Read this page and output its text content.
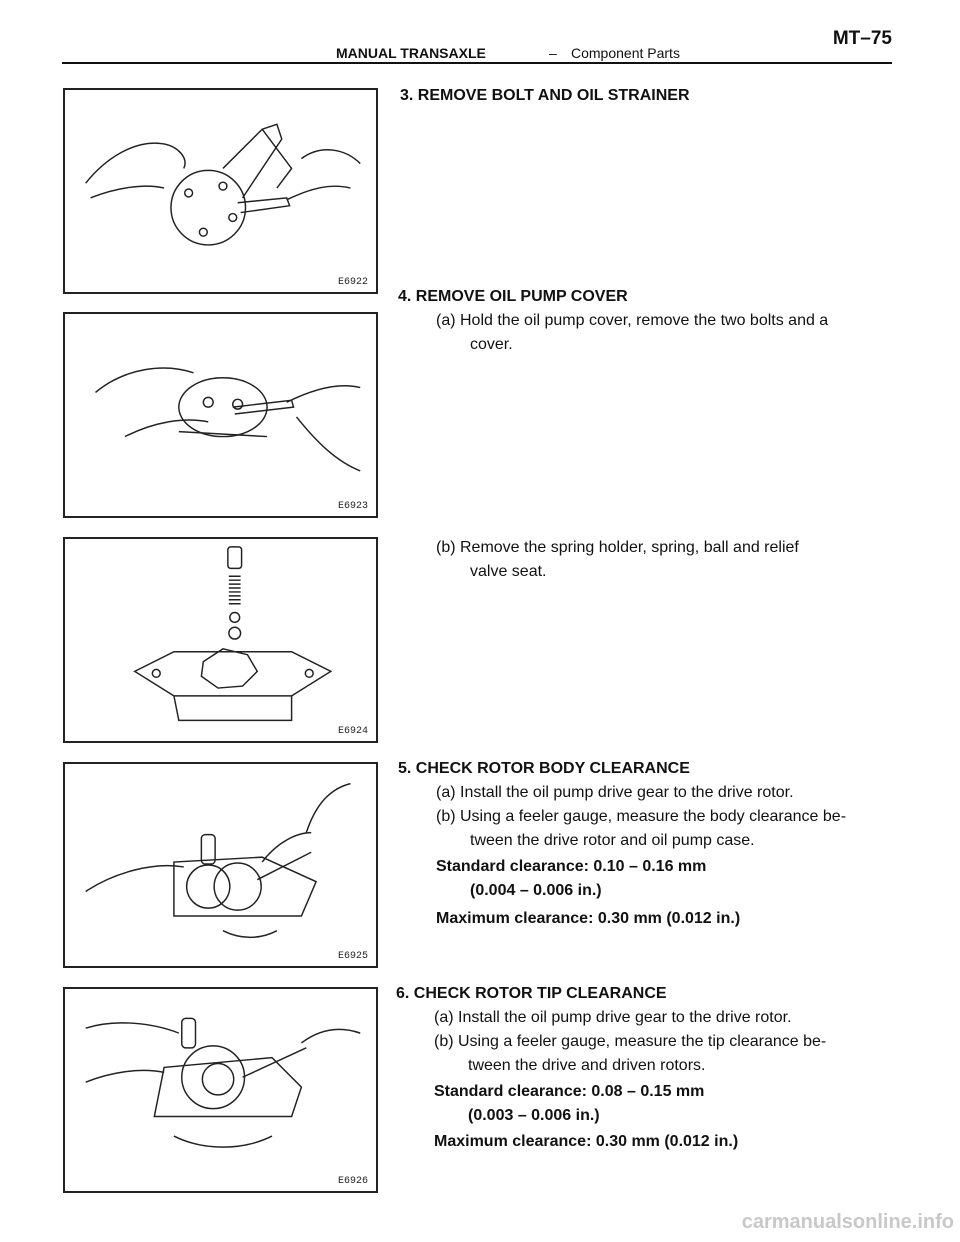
MANUAL TRANSAXLE	– Component Parts
MT–75
E6922
E6923
E6924
E6925
E6926
3. REMOVE BOLT AND OIL STRAINER
4. REMOVE OIL PUMP COVER
(a) Hold the oil pump cover, remove the two bolts and a
cover.
(b) Remove the spring holder, spring, ball and relief
valve seat.
5. CHECK ROTOR BODY CLEARANCE
(a) Install the oil pump drive gear to the drive rotor.
(b) Using a feeler gauge, measure the body clearance be-
tween the drive rotor and oil pump case.
Standard clearance: 0.10 – 0.16 mm
(0.004 – 0.006 in.)
Maximum clearance: 0.30 mm (0.012 in.)
6. CHECK ROTOR TIP CLEARANCE
(a) Install the oil pump drive gear to the drive rotor.
(b) Using a feeler gauge, measure the tip clearance be-
tween the drive and driven rotors.
Standard clearance: 0.08 – 0.15 mm
(0.003 – 0.006 in.)
Maximum clearance: 0.30 mm (0.012 in.)
carmanualsonline.info
